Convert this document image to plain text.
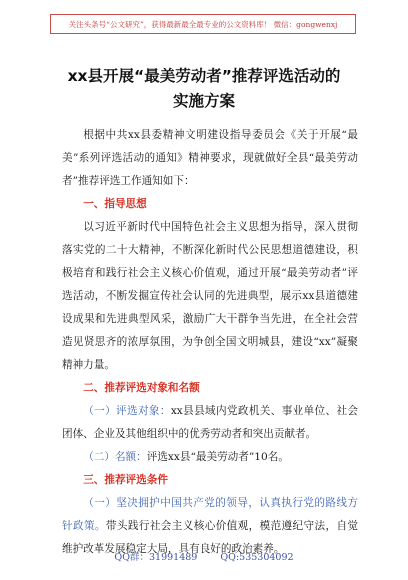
关注头条号“公文研究”，获得最新最全最专业的公文资料库！ 微信：gongwenxj
xx县开展“最美劳动者”推荐评选活动的
实施方案

根据中共xx县委精神文明建设指导委员会《关于开展“最美”系列评选活动的通知》精神要求，现就做好全县“最美劳动者”推荐评选工作通知如下：

一、指导思想

以习近平新时代中国特色社会主义思想为指导，深入贯彻落实党的二十大精神，不断深化新时代公民思想道德建设，积极培育和践行社会主义核心价值观，通过开展“最美劳动者”评选活动，不断发掘宣传社会认同的先进典型，展示xx县道德建设成果和先进典型风采，激励广大干群争当先进，在全社会营造见贤思齐的浓厚氛围，为争创全国文明城县，建设“xx”凝聚精神力量。

二、推荐评选对象和名额

（一）评选对象：xx县县域内党政机关、事业单位、社会团体、企业及其他组织中的优秀劳动者和突出贡献者。

（二）名额：评选xx县“最美劳动者”10名。

三、推荐评选条件

（一）坚决拥护中国共产党的领导，认真执行党的路线方针政策。带头践行社会主义核心价值观，模范遵纪守法，自觉维护改革发展稳定大局，具有良好的政治素养。

QQ群：31991489 QQ:535304092
